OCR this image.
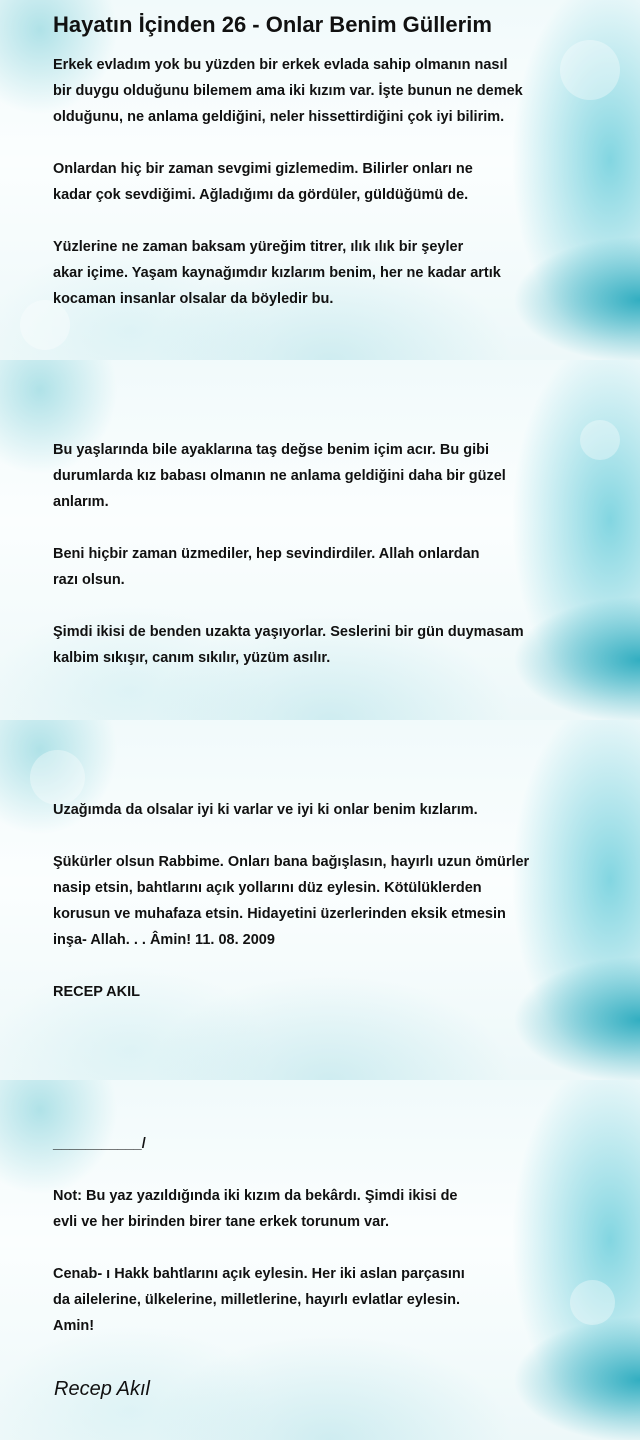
Hayatın İçinden 26 - Onlar Benim Güllerim

Erkek evladım yok bu yüzden bir erkek evlada sahip olmanın nasıl
bir duygu olduğunu bilemem ama iki kızım var. İşte bunun ne demek
olduğunu, ne anlama geldiğini, neler hissettirdiğini çok iyi bilirim.

Onlardan hiç bir zaman sevgimi gizlemedim. Bilirler onları ne
kadar çok sevdiğimi. Ağladığımı da gördüler, güldüğümü de.

Yüzlerine ne zaman baksam yüreğim titrer, ılık ılık bir şeyler
akar içime. Yaşam kaynağımdır kızlarım benim, her ne kadar artık
kocaman insanlar olsalar da böyledir bu.

Bu yaşlarında bile ayaklarına taş değse benim içim acır. Bu gibi
durumlarda kız babası olmanın ne anlama geldiğini daha bir güzel
anlarım.

Beni hiçbir zaman üzmediler, hep sevindirdiler. Allah onlardan
razı olsun.

Şimdi ikisi de benden uzakta yaşıyorlar. Seslerini bir gün duymasam
kalbim sıkışır, canım sıkılır, yüzüm asılır.

Uzağımda da olsalar iyi ki varlar ve iyi ki onlar benim kızlarım.

Şükürler olsun Rabbime. Onları bana bağışlasın, hayırlı uzun ömürler
nasip etsin, bahtlarını açık yollarını düz eylesin. Kötülüklerden
korusun ve muhafaza etsin. Hidayetini üzerlerinden eksik etmesin
inşa- Allah. . . Âmin! 11. 08. 2009

RECEP AKIL

___________/

Not: Bu yaz yazıldığında iki kızım da bekârdı. Şimdi ikisi de
evli ve her birinden birer tane erkek torunum var.

Cenab- ı Hakk bahtlarını açık eylesin. Her iki aslan parçasını
da ailelerine, ülkelerine, milletlerine, hayırlı evlatlar eylesin.
Amin!

Recep Akıl
